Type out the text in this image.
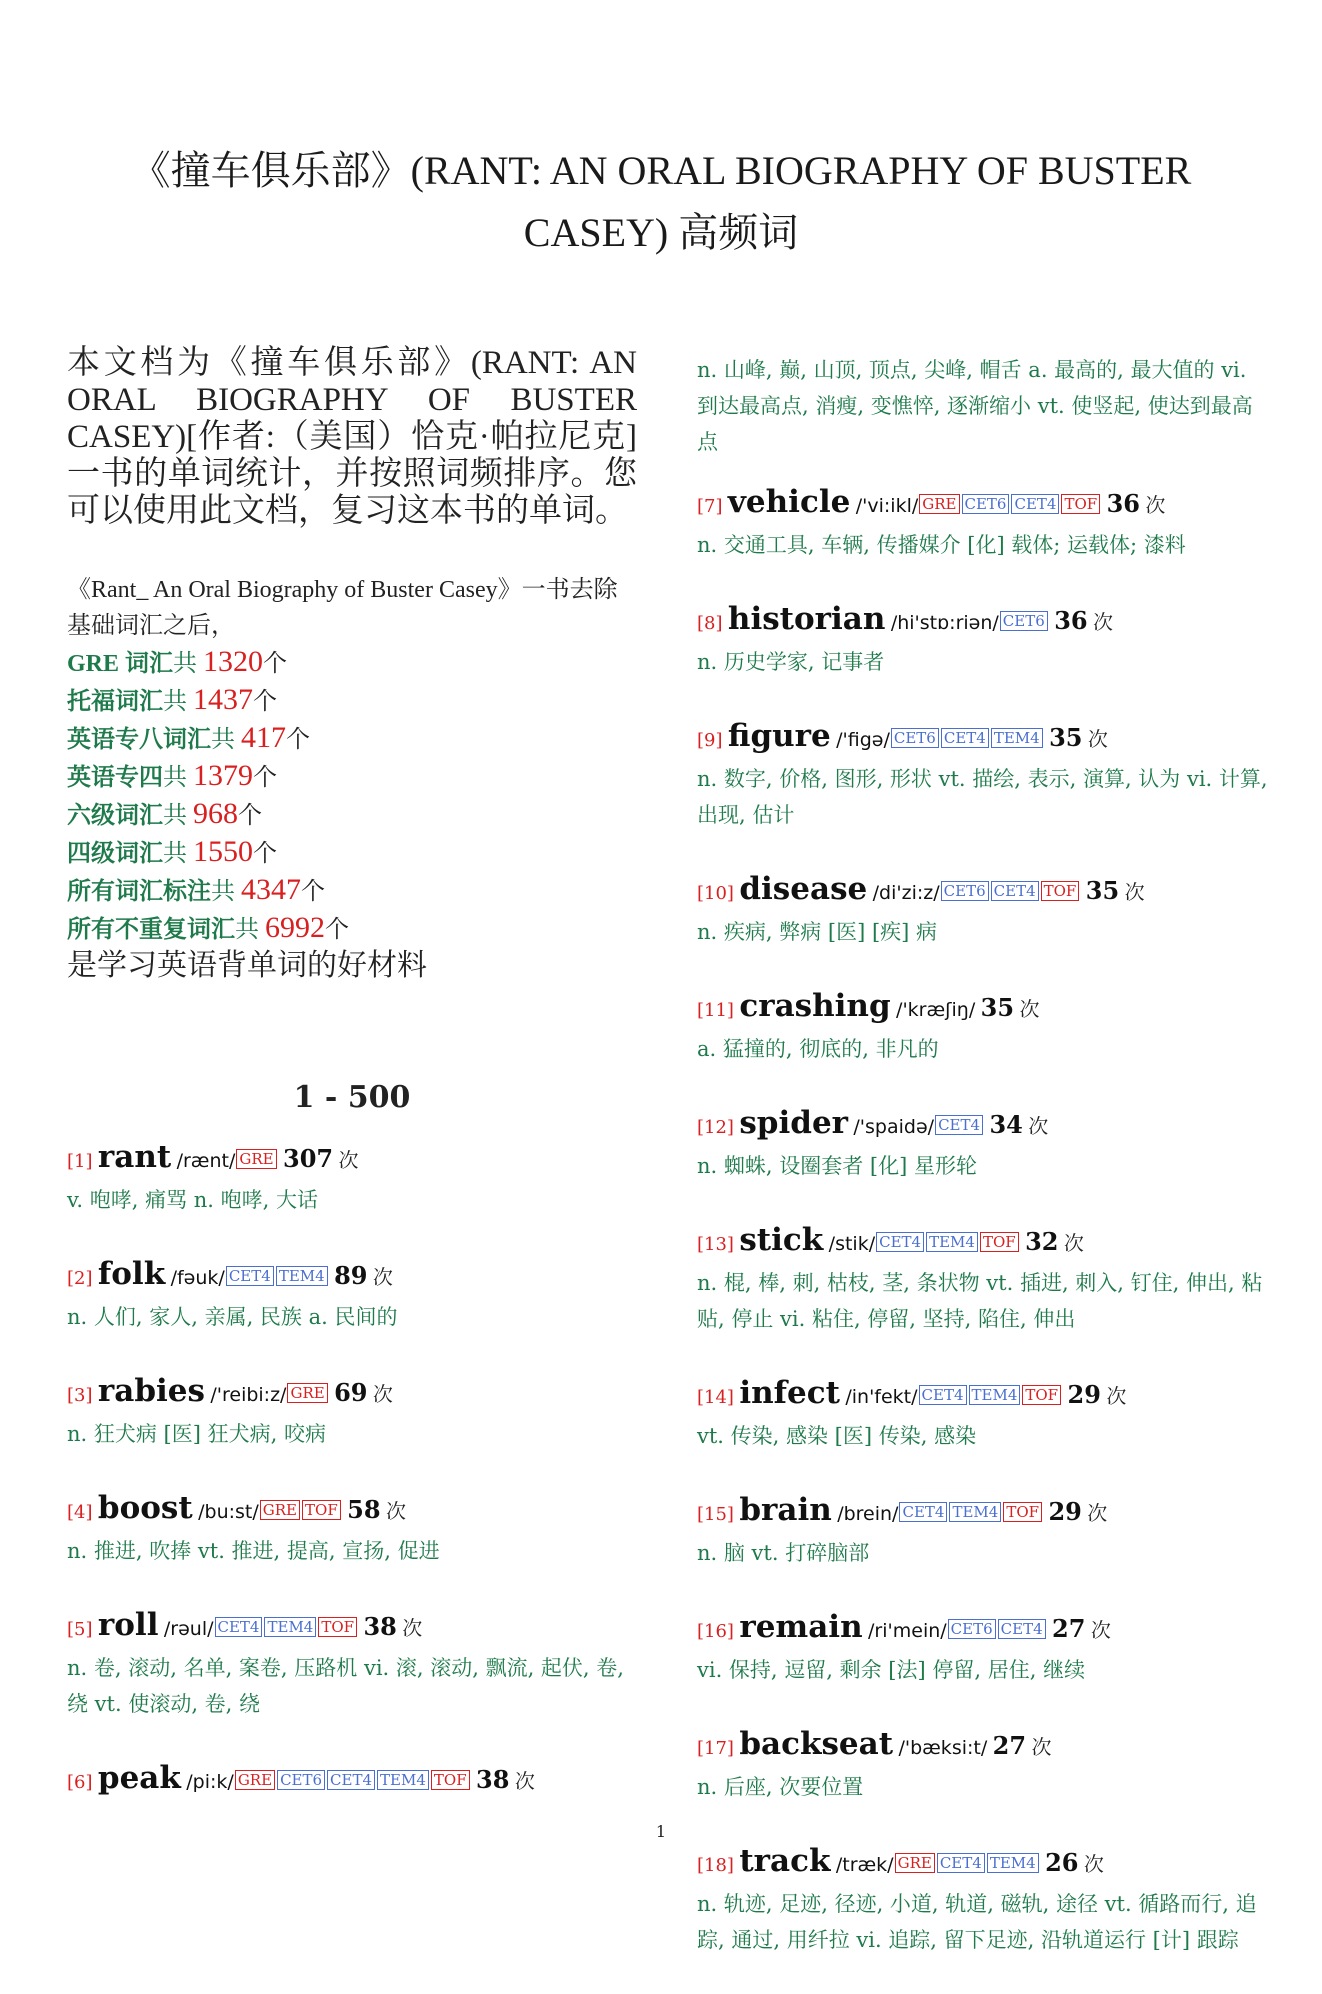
《撞车俱乐部》(RANT: AN ORAL BIOGRAPHY OF BUSTER
CASEY) 高频词
本文档为《撞车俱乐部》(RANT: AN ORAL BIOGRAPHY OF BUSTER CASEY)[作者:（美国）恰克·帕拉尼克]一书的单词统计，并按照词频排序。您可以使用此文档，复习这本书的单词。
《Rant_ An Oral Biography of Buster Casey》一书去除基础词汇之后，
GRE 词汇共 1320个
托福词汇共 1437个
英语专八词汇共 417个
英语专四共 1379个
六级词汇共 968个
四级词汇共 1550个
所有词汇标注共 4347个
所有不重复词汇共 6992个
是学习英语背单词的好材料
1 - 500
[1] rant /rænt/ GRE 307 次
v. 咆哮, 痛骂 n. 咆哮, 大话
[2] folk /fəuk/ CET4 TEM4 89 次
n. 人们, 家人, 亲属, 民族 a. 民间的
[3] rabies /'reibi:z/ GRE 69 次
n. 狂犬病 [医] 狂犬病, 咬病
[4] boost /bu:st/ GRE TOF 58 次
n. 推进, 吹捧 vt. 推进, 提高, 宣扬, 促进
[5] roll /rəul/ CET4 TEM4 TOF 38 次
n. 卷, 滚动, 名单, 案卷, 压路机 vi. 滚, 滚动, 飘流, 起伏, 卷, 绕 vt. 使滚动, 卷, 绕
[6] peak /pi:k/ GRE CET6 CET4 TEM4 TOF 38 次
n. 山峰, 巅, 山顶, 顶点, 尖峰, 帽舌 a. 最高的, 最大值的 vi. 到达最高点, 消瘦, 变憔悴, 逐渐缩小 vt. 使竖起, 使达到最高点
[7] vehicle /'vi:ikl/ GRE CET6 CET4 TOF 36 次
n. 交通工具, 车辆, 传播媒介 [化] 载体; 运载体; 漆料
[8] historian /hi'stɒ:riən/ CET6 36 次
n. 历史学家, 记事者
[9] figure /'figə/ CET6 CET4 TEM4 35 次
n. 数字, 价格, 图形, 形状 vt. 描绘, 表示, 演算, 认为 vi. 计算, 出现, 估计
[10] disease /di'zi:z/ CET6 CET4 TOF 35 次
n. 疾病, 弊病 [医] [疾] 病
[11] crashing /'kræʃiŋ/ 35 次
a. 猛撞的, 彻底的, 非凡的
[12] spider /'spaidə/ CET4 34 次
n. 蜘蛛, 设圈套者 [化] 星形轮
[13] stick /stik/ CET4 TEM4 TOF 32 次
n. 棍, 棒, 刺, 枯枝, 茎, 条状物 vt. 插进, 刺入, 钉住, 伸出, 粘贴, 停止 vi. 粘住, 停留, 坚持, 陷住, 伸出
[14] infect /in'fekt/ CET4 TEM4 TOF 29 次
vt. 传染, 感染 [医] 传染, 感染
[15] brain /brein/ CET4 TEM4 TOF 29 次
n. 脑 vt. 打碎脑部
[16] remain /ri'mein/ CET6 CET4 27 次
vi. 保持, 逗留, 剩余 [法] 停留, 居住, 继续
[17] backseat /'bæksi:t/ 27 次
n. 后座, 次要位置
[18] track /træk/ GRE CET4 TEM4 26 次
n. 轨迹, 足迹, 径迹, 小道, 轨道, 磁轨, 途径 vt. 循路而行, 追踪, 通过, 用纤拉 vi. 追踪, 留下足迹, 沿轨道运行 [计] 跟踪
1
